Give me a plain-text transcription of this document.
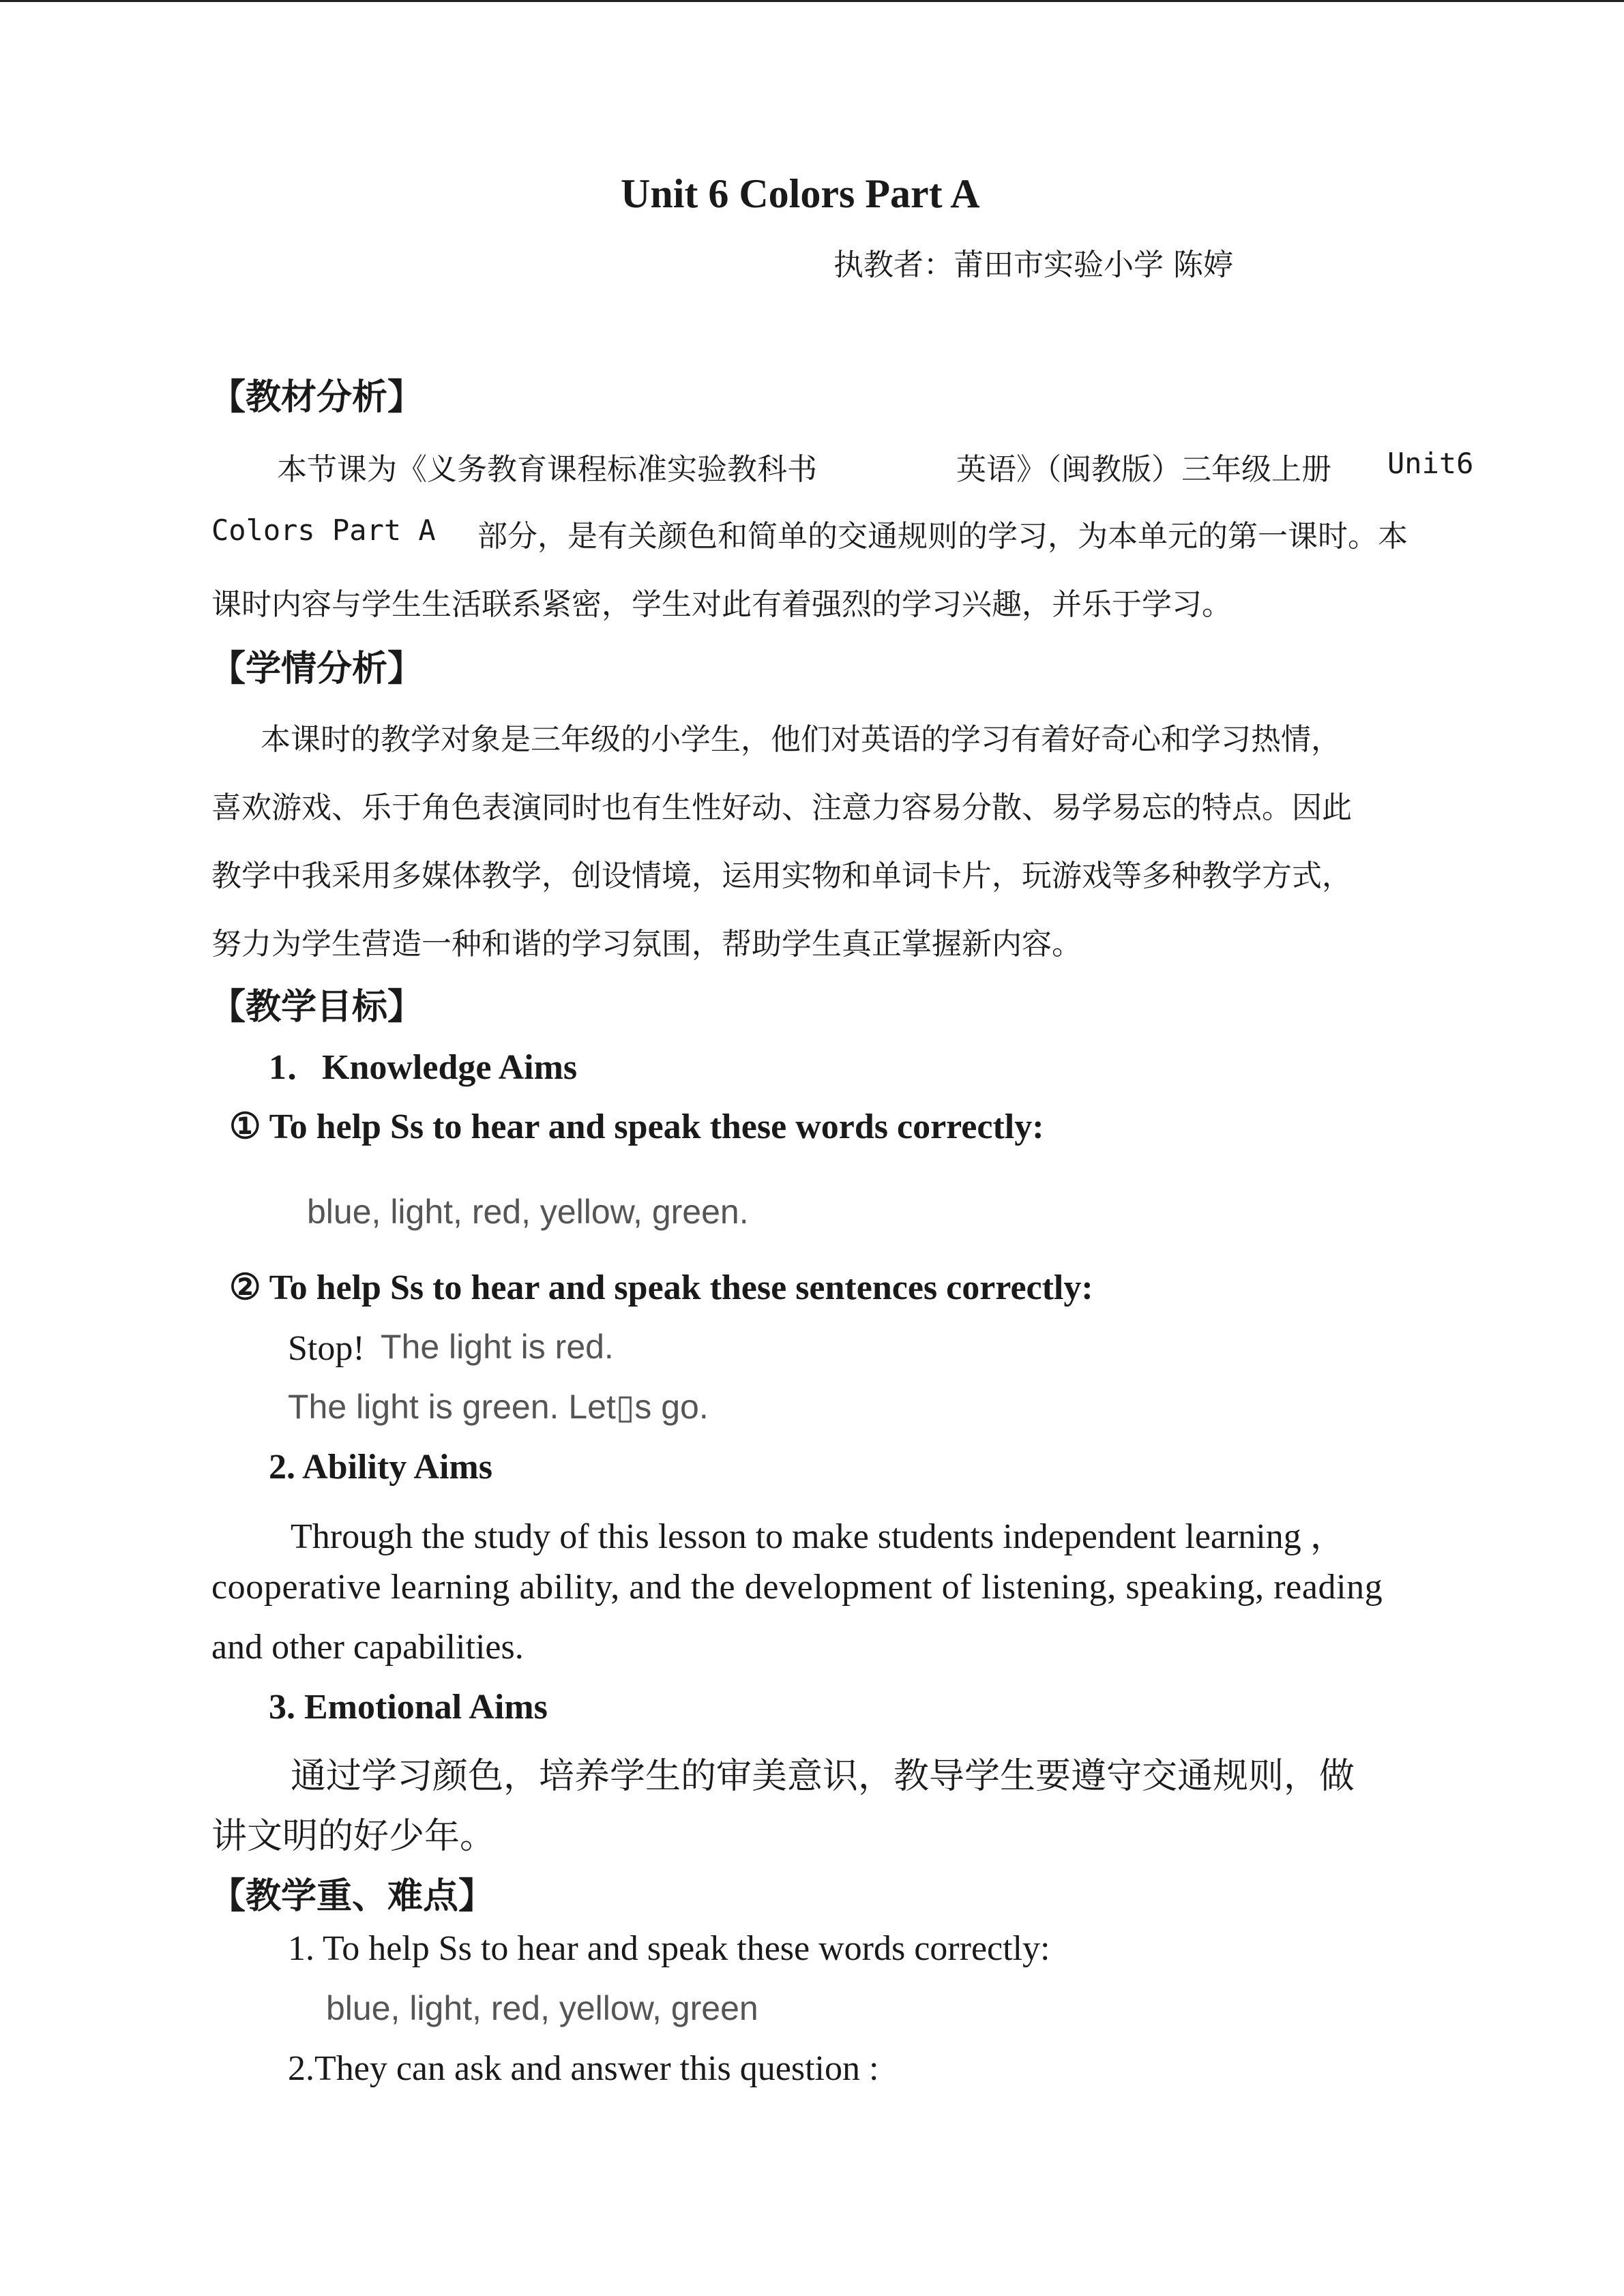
Unit 6 Colors Part A
执教者：莆田市实验小学 陈婷
【教材分析】
本节课为《义务教育课程标准实验教科书	英语》（闽教版）三年级上册 Unit6
Colors Part A 部分，是有关颜色和简单的交通规则的学习，为本单元的第一课时。本
课时内容与学生生活联系紧密，学生对此有着强烈的学习兴趣，并乐于学习。
【学情分析】
本课时的教学对象是三年级的小学生，他们对英语的学习有着好奇心和学习热情，
喜欢游戏、乐于角色表演同时也有生性好动、注意力容易分散、易学易忘的特点。因此
教学中我采用多媒体教学，创设情境，运用实物和单词卡片，玩游戏等多种教学方式，
努力为学生营造一种和谐的学习氛围，帮助学生真正掌握新内容。
【教学目标】
1．Knowledge Aims
① To help Ss to hear and speak these words correctly:
blue, light, red, yellow, green.
② To help Ss to hear and speak these sentences correctly:
Stop! The light is red.
The light is green. Let▯s go.
2. Ability Aims
Through the study of this lesson to make students independent learning ，
cooperative learning ability, and the development of listening, speaking, reading
and other capabilities.
3. Emotional Aims
通过学习颜色，培养学生的审美意识，教导学生要遵守交通规则，做
讲文明的好少年。
【教学重、难点】
1. To help Ss to hear and speak these words correctly:
blue, light, red, yellow, green
2.They can ask and answer this question :
